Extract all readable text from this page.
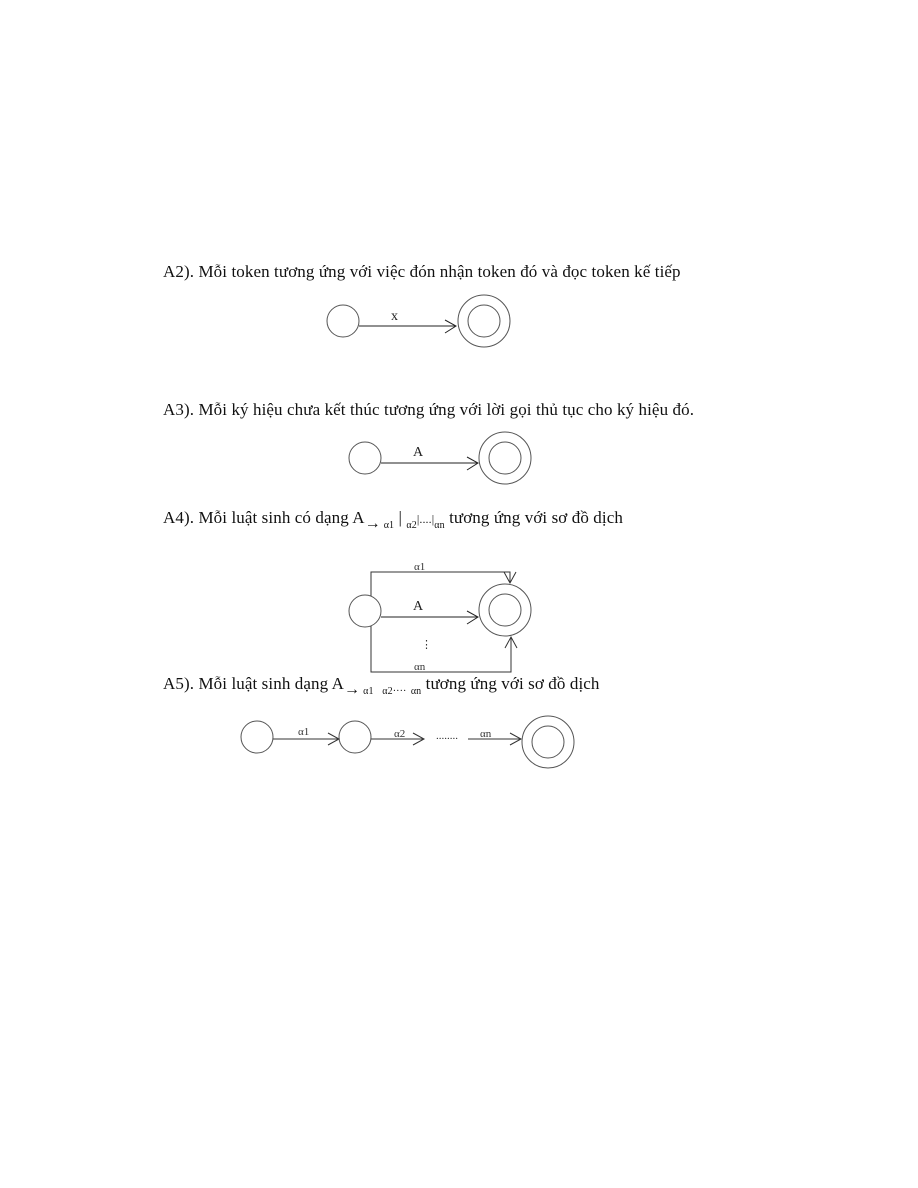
A2). Mỗi token tương ứng với việc đón nhận token đó và đọc token kế tiếp
A3). Mỗi ký hiệu chưa kết thúc tương ứng với lời gọi thủ tục cho ký hiệu đó.
A4). Mỗi luật sinh có dạng A→ $_{\alpha 1}$ | $_{\alpha 2}|....|_{\alpha n}$ tương ứng với sơ đồ dịch
A5). Mỗi luật sinh dạng A→ $_{\alpha 1}$ $_{\alpha 2\cdot\cdot\cdot\cdot}$ $_{\alpha n}$ tương ứng với sơ đồ dịch
x
A
α1
A
⋮
αn
α1	α2	........ αn
